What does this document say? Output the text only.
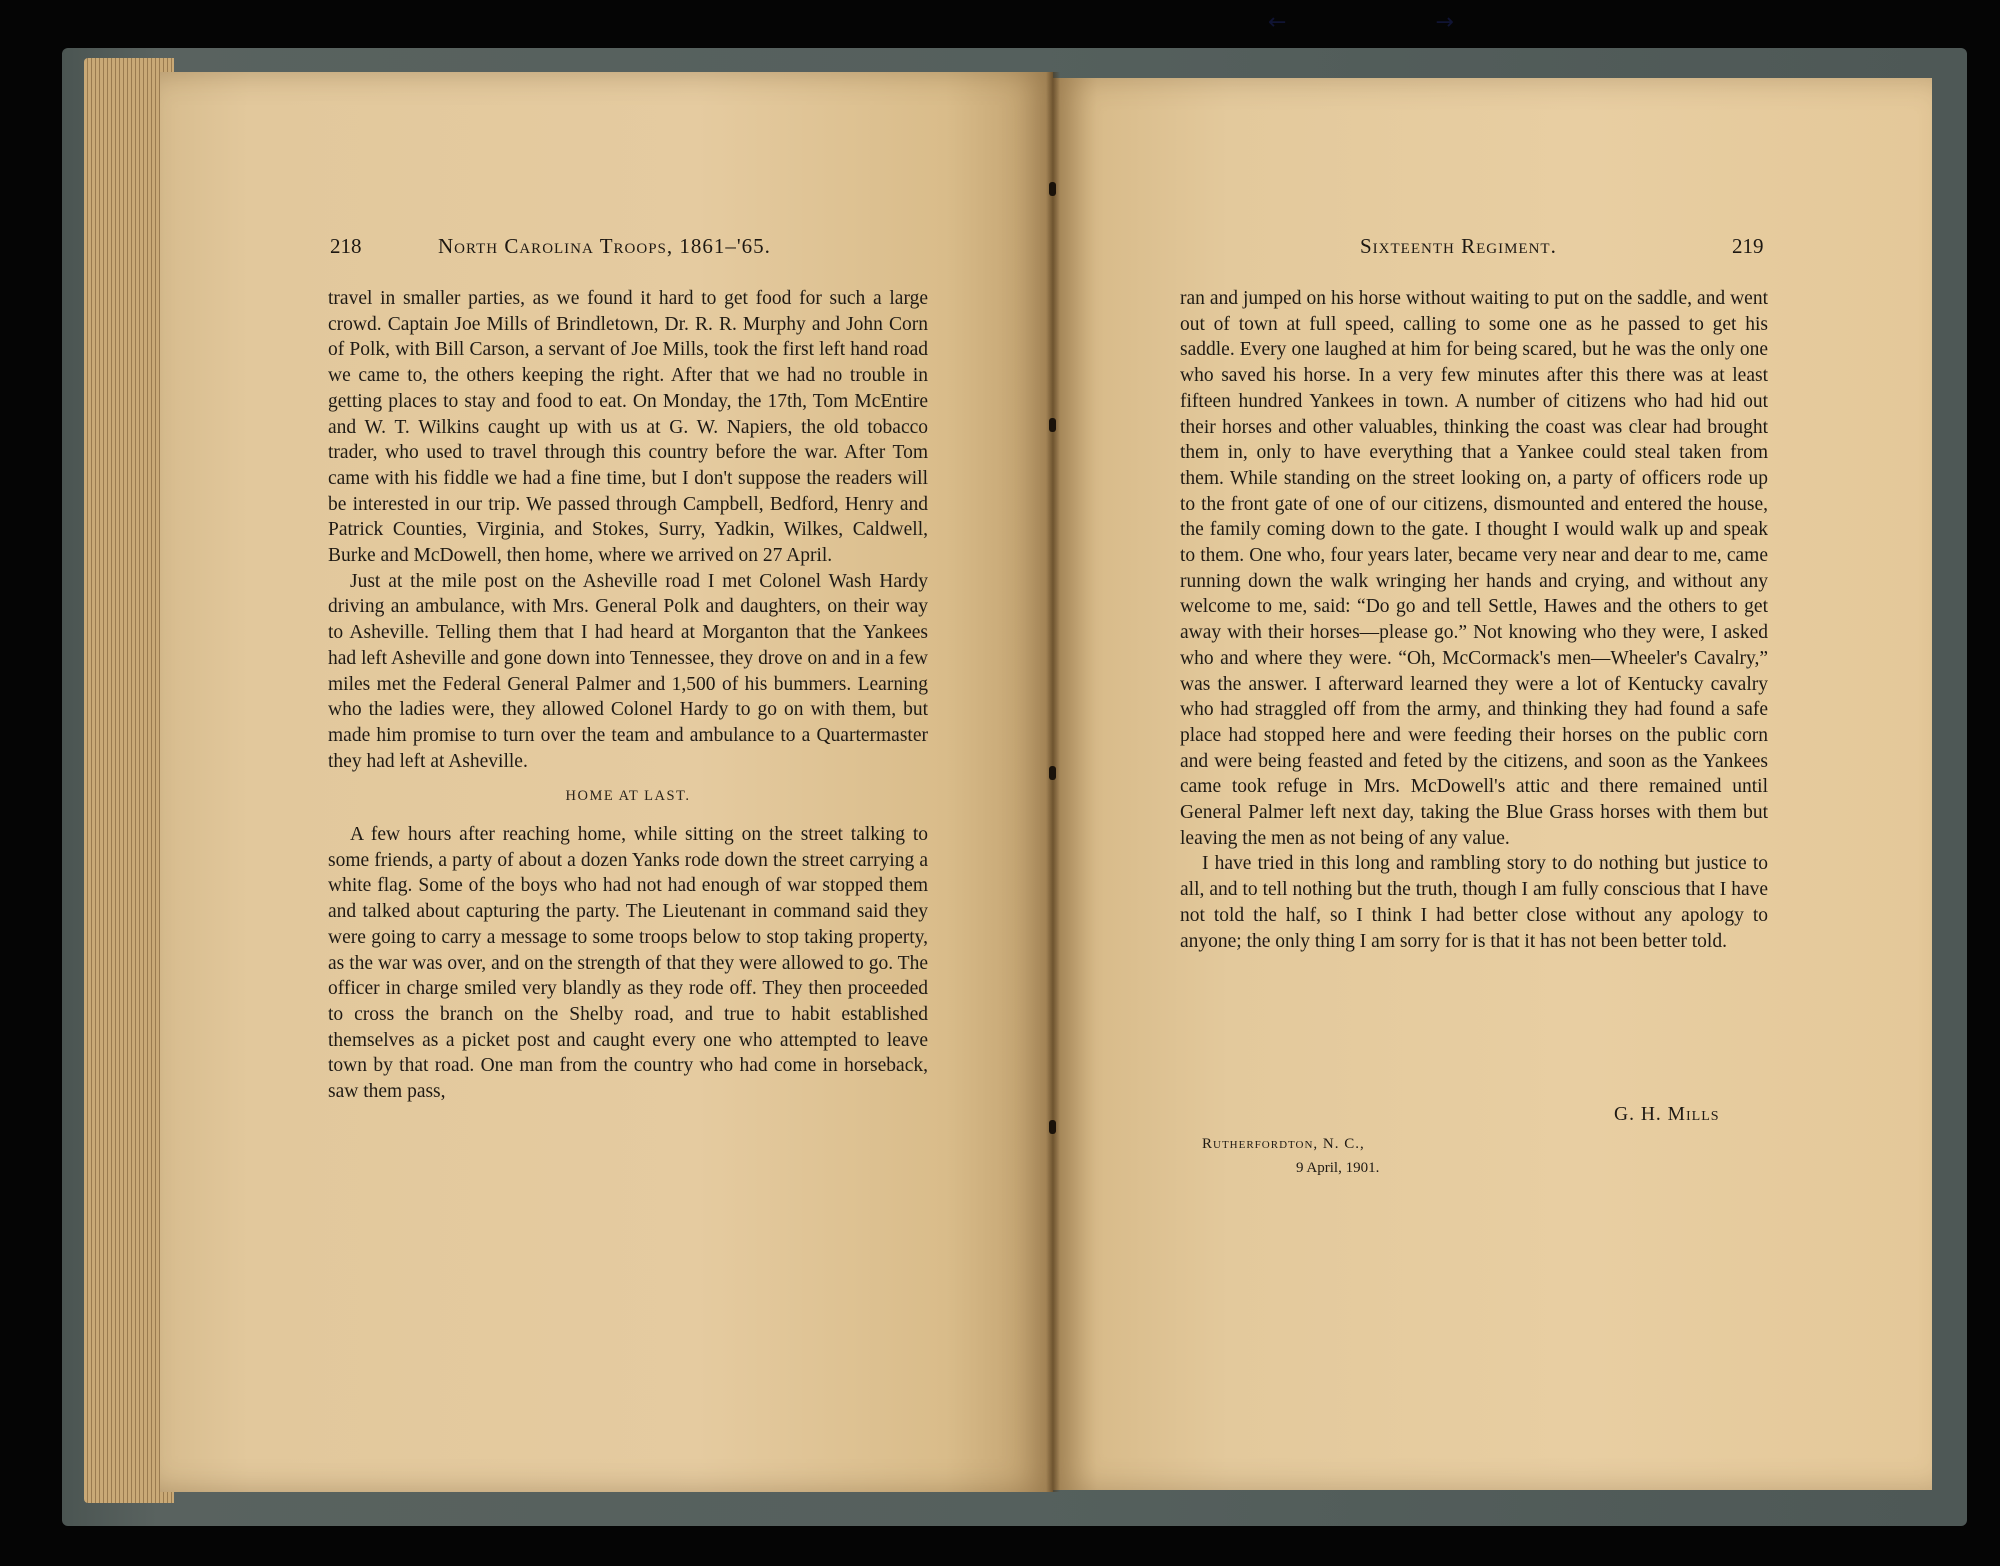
←           →
218	North Carolina Troops, 1861–'65.

travel in smaller parties, as we found it hard to get food for such a large crowd. Captain Joe Mills of Brindletown, Dr. R. R. Murphy and John Corn of Polk, with Bill Carson, a servant of Joe Mills, took the first left hand road we came to, the others keeping the right. After that we had no trouble in getting places to stay and food to eat. On Monday, the 17th, Tom McEntire and W. T. Wilkins caught up with us at G. W. Napiers, the old tobacco trader, who used to travel through this country before the war. After Tom came with his fiddle we had a fine time, but I don't suppose the readers will be interested in our trip. We passed through Campbell, Bedford, Henry and Patrick Counties, Virginia, and Stokes, Surry, Yadkin, Wilkes, Caldwell, Burke and McDowell, then home, where we arrived on 27 April.

Just at the mile post on the Asheville road I met Colonel Wash Hardy driving an ambulance, with Mrs. General Polk and daughters, on their way to Asheville. Telling them that I had heard at Morganton that the Yankees had left Asheville and gone down into Tennessee, they drove on and in a few miles met the Federal General Palmer and 1,500 of his bummers. Learning who the ladies were, they allowed Colonel Hardy to go on with them, but made him promise to turn over the team and ambulance to a Quartermaster they had left at Asheville.

HOME AT LAST.

A few hours after reaching home, while sitting on the street talking to some friends, a party of about a dozen Yanks rode down the street carrying a white flag. Some of the boys who had not had enough of war stopped them and talked about capturing the party. The Lieutenant in command said they were going to carry a message to some troops below to stop taking property, as the war was over, and on the strength of that they were allowed to go. The officer in charge smiled very blandly as they rode off. They then proceeded to cross the branch on the Shelby road, and true to habit established themselves as a picket post and caught every one who attempted to leave town by that road. One man from the country who had come in horseback, saw them pass,

Sixteenth Regiment.	219

ran and jumped on his horse without waiting to put on the saddle, and went out of town at full speed, calling to some one as he passed to get his saddle. Every one laughed at him for being scared, but he was the only one who saved his horse. In a very few minutes after this there was at least fifteen hundred Yankees in town. A number of citizens who had hid out their horses and other valuables, thinking the coast was clear had brought them in, only to have everything that a Yankee could steal taken from them. While standing on the street looking on, a party of officers rode up to the front gate of one of our citizens, dismounted and entered the house, the family coming down to the gate. I thought I would walk up and speak to them. One who, four years later, became very near and dear to me, came running down the walk wringing her hands and crying, and without any welcome to me, said: “Do go and tell Settle, Hawes and the others to get away with their horses—please go.” Not knowing who they were, I asked who and where they were. “Oh, McCormack's men—Wheeler's Cavalry,” was the answer. I afterward learned they were a lot of Kentucky cavalry who had straggled off from the army, and thinking they had found a safe place had stopped here and were feeding their horses on the public corn and were being feasted and feted by the citizens, and soon as the Yankees came took refuge in Mrs. McDowell's attic and there remained until General Palmer left next day, taking the Blue Grass horses with them but leaving the men as not being of any value.

I have tried in this long and rambling story to do nothing but justice to all, and to tell nothing but the truth, though I am fully conscious that I have not told the half, so I think I had better close without any apology to anyone; the only thing I am sorry for is that it has not been better told.

G. H. Mills
Rutherfordton, N. C.,
9 April, 1901.
